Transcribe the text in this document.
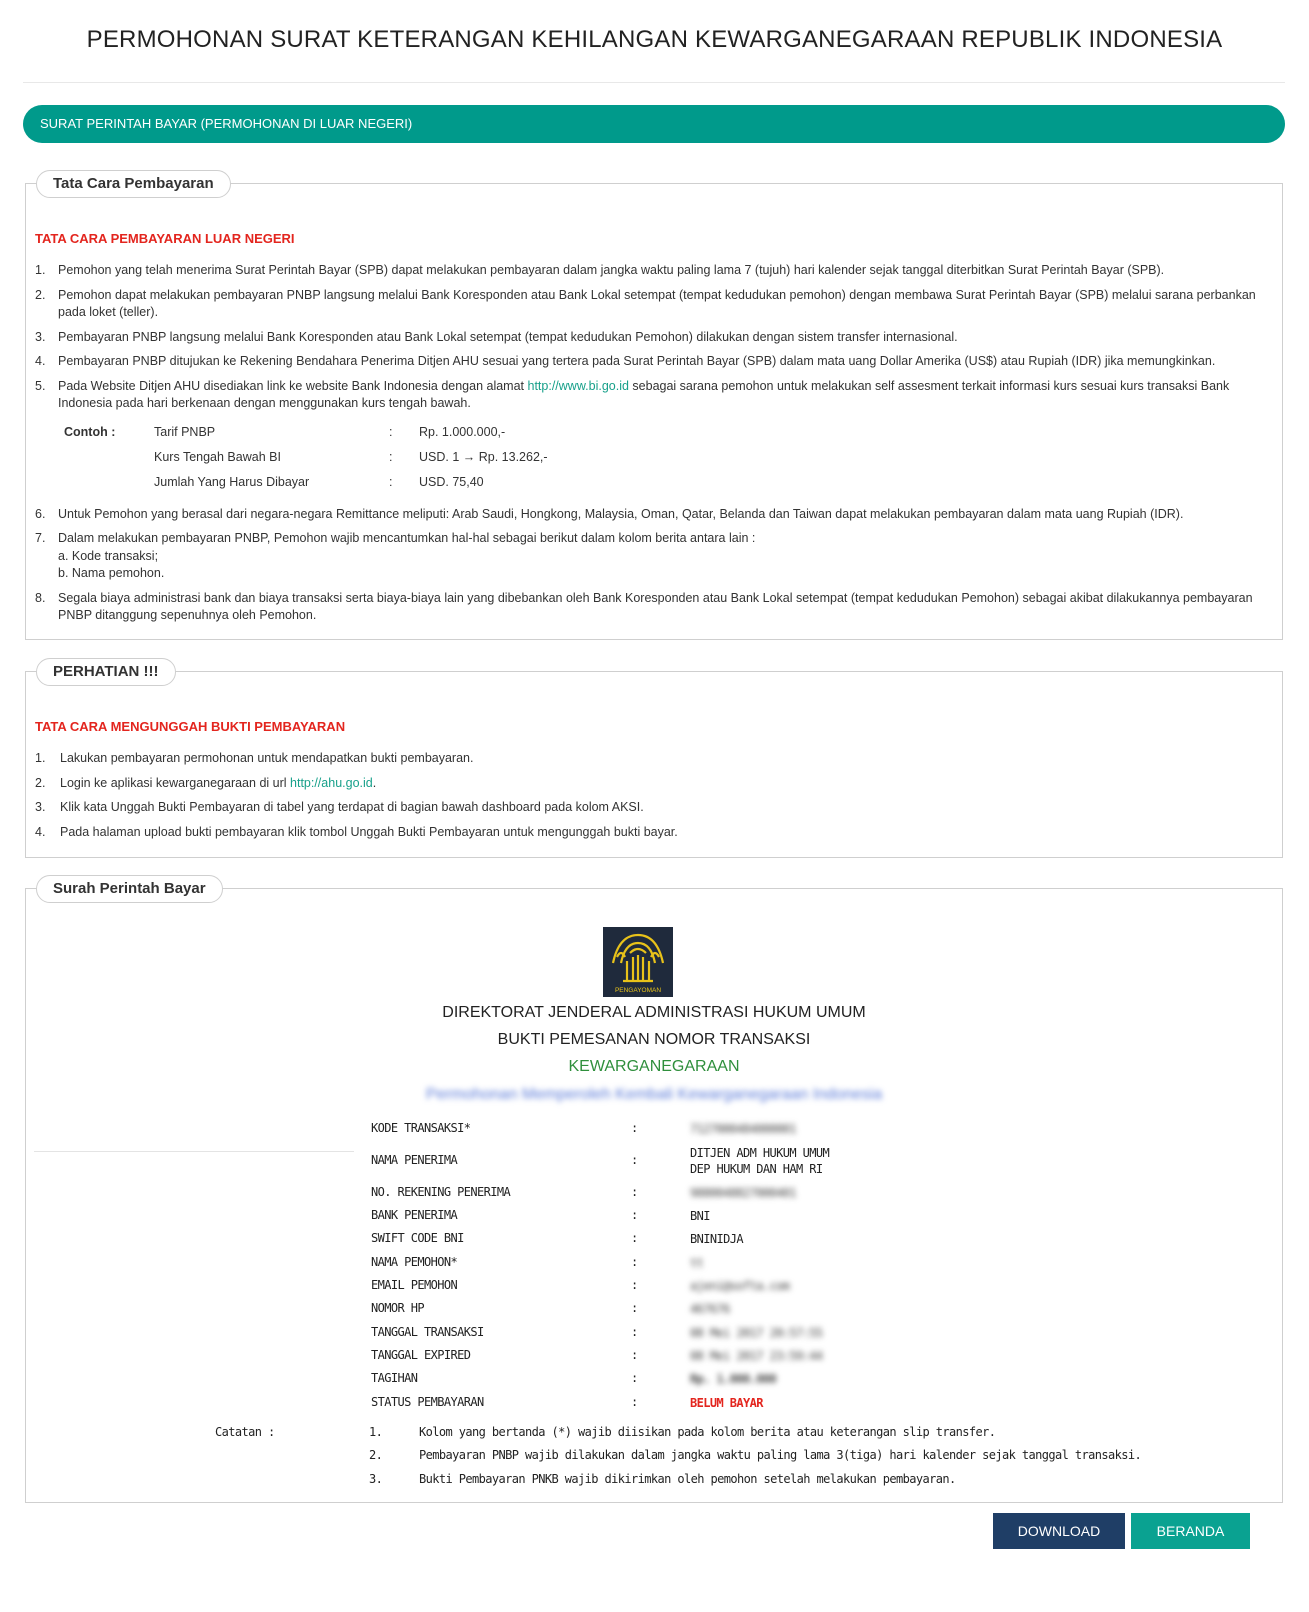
PERMOHONAN SURAT KETERANGAN KEHILANGAN KEWARGANEGARAAN REPUBLIK INDONESIA
SURAT PERINTAH BAYAR (PERMOHONAN DI LUAR NEGERI)
Tata Cara Pembayaran
TATA CARA PEMBAYARAN LUAR NEGERI
1. Pemohon yang telah menerima Surat Perintah Bayar (SPB) dapat melakukan pembayaran dalam jangka waktu paling lama 7 (tujuh) hari kalender sejak tanggal diterbitkan Surat Perintah Bayar (SPB).
2. Pemohon dapat melakukan pembayaran PNBP langsung melalui Bank Koresponden atau Bank Lokal setempat (tempat kedudukan pemohon) dengan membawa Surat Perintah Bayar (SPB) melalui sarana perbankan pada loket (teller).
3. Pembayaran PNBP langsung melalui Bank Koresponden atau Bank Lokal setempat (tempat kedudukan Pemohon) dilakukan dengan sistem transfer internasional.
4. Pembayaran PNBP ditujukan ke Rekening Bendahara Penerima Ditjen AHU sesuai yang tertera pada Surat Perintah Bayar (SPB) dalam mata uang Dollar Amerika (US$) atau Rupiah (IDR) jika memungkinkan.
5. Pada Website Ditjen AHU disediakan link ke website Bank Indonesia dengan alamat http://www.bi.go.id sebagai sarana pemohon untuk melakukan self assesment terkait informasi kurs sesuai kurs transaksi Bank Indonesia pada hari berkenaan dengan menggunakan kurs tengah bawah.
Contoh :	Tarif PNBP	: Rp. 1.000.000,-
Kurs Tengah Bawah BI	: USD. 1 → Rp. 13.262,-
Jumlah Yang Harus Dibayar	: USD. 75,40
6. Untuk Pemohon yang berasal dari negara-negara Remittance meliputi: Arab Saudi, Hongkong, Malaysia, Oman, Qatar, Belanda dan Taiwan dapat melakukan pembayaran dalam mata uang Rupiah (IDR).
7. Dalam melakukan pembayaran PNBP, Pemohon wajib mencantumkan hal-hal sebagai berikut dalam kolom berita antara lain :
a. Kode transaksi;
b. Nama pemohon.
8. Segala biaya administrasi bank dan biaya transaksi serta biaya-biaya lain yang dibebankan oleh Bank Koresponden atau Bank Lokal setempat (tempat kedudukan Pemohon) sebagai akibat dilakukannya pembayaran PNBP ditanggung sepenuhnya oleh Pemohon.
PERHATIAN !!!
TATA CARA MENGUNGGAH BUKTI PEMBAYARAN
1. Lakukan pembayaran permohonan untuk mendapatkan bukti pembayaran.
2. Login ke aplikasi kewarganegaraan di url http://ahu.go.id.
3. Klik kata Unggah Bukti Pembayaran di tabel yang terdapat di bagian bawah dashboard pada kolom AKSI.
4. Pada halaman upload bukti pembayaran klik tombol Unggah Bukti Pembayaran untuk mengunggah bukti bayar.
Surah Perintah Bayar
PENGAYOMAN
DIREKTORAT JENDERAL ADMINISTRASI HUKUM UMUM
BUKTI PEMESANAN NOMOR TRANSAKSI
KEWARGANEGARAAN
Permohonan Memperoleh Kembali Kewarganegaraan Indonesia
KODE TRANSAKSI*	:	7127000484000001
NAMA PENERIMA	:	DITJEN ADM HUKUM UMUM
DEP HUKUM DAN HAM RI
NO. REKENING PENERIMA	:	9880048827000401
BANK PENERIMA	:	BNI
SWIFT CODE BNI	:	BNINIDJA
NAMA PEMOHON*	:	tt
EMAIL PEMOHON	:	ajeni@softa.com
NOMOR HP	:	467676
TANGGAL TRANSAKSI	:	08 Mei 2017 20:57:55
TANGGAL EXPIRED	:	08 Mei 2017 23:59:44
TAGIHAN	:	Rp. 1.000.000
STATUS PEMBAYARAN	:	BELUM BAYAR
Catatan :	1.	Kolom yang bertanda (*) wajib diisikan pada kolom berita atau keterangan slip transfer.
2.	Pembayaran PNBP wajib dilakukan dalam jangka waktu paling lama 3(tiga) hari kalender sejak tanggal transaksi.
3.	Bukti Pembayaran PNKB wajib dikirimkan oleh pemohon setelah melakukan pembayaran.
DOWNLOAD	BERANDA
